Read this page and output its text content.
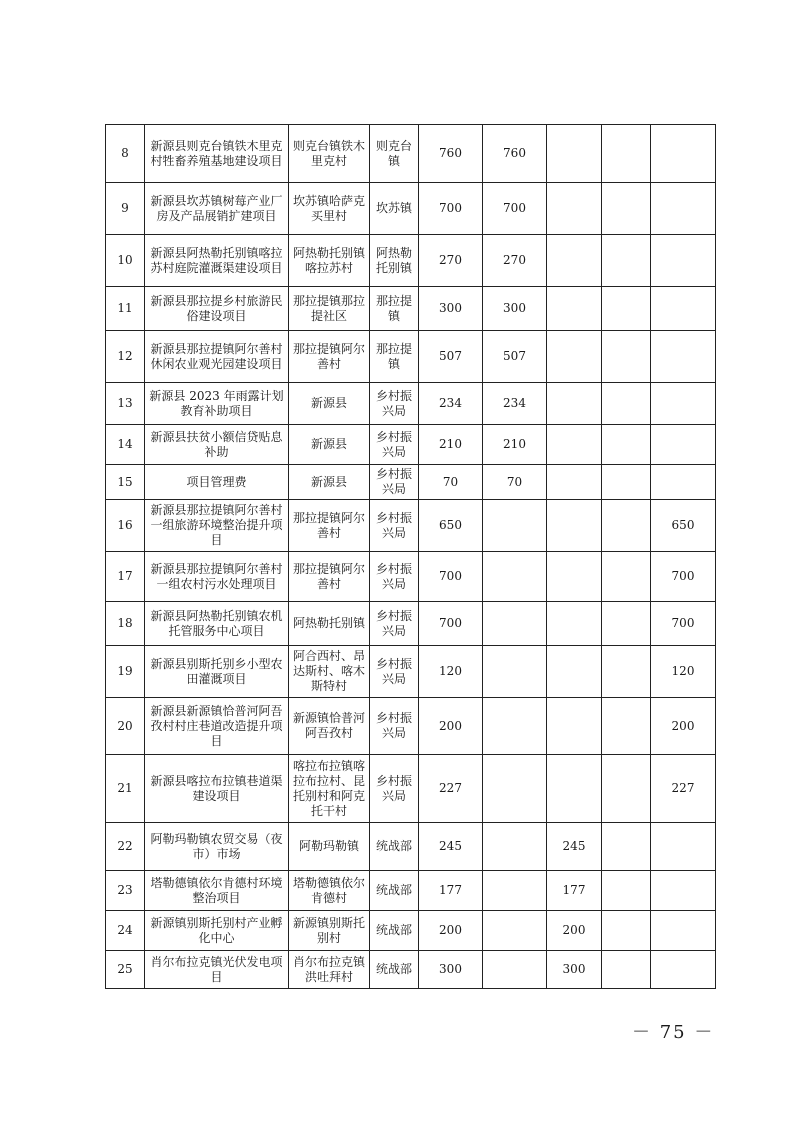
8	新源县则克台镇铁木里克村牲畜养殖基地建设项目	则克台镇铁木里克村	则克台镇	760	760			
9	新源县坎苏镇树莓产业厂房及产品展销扩建项目	坎苏镇哈萨克买里村	坎苏镇	700	700			
10	新源县阿热勒托别镇喀拉苏村庭院灌溉渠建设项目	阿热勒托别镇喀拉苏村	阿热勒托别镇	270	270			
11	新源县那拉提乡村旅游民俗建设项目	那拉提镇那拉提社区	那拉提镇	300	300			
12	新源县那拉提镇阿尔善村休闲农业观光园建设项目	那拉提镇阿尔善村	那拉提镇	507	507			
13	新源县 2023 年雨露计划教育补助项目	新源县	乡村振兴局	234	234			
14	新源县扶贫小额信贷贴息补助	新源县	乡村振兴局	210	210			
15	项目管理费	新源县	乡村振兴局	70	70			
16	新源县那拉提镇阿尔善村一组旅游环境整治提升项目	那拉提镇阿尔善村	乡村振兴局	650				650
17	新源县那拉提镇阿尔善村一组农村污水处理项目	那拉提镇阿尔善村	乡村振兴局	700				700
18	新源县阿热勒托别镇农机托管服务中心项目	阿热勒托别镇	乡村振兴局	700				700
19	新源县别斯托别乡小型农田灌溉项目	阿合西村、昂达斯村、喀木斯特村	乡村振兴局	120				120
20	新源县新源镇恰普河阿吾孜村村庄巷道改造提升项目	新源镇恰普河阿吾孜村	乡村振兴局	200				200
21	新源县喀拉布拉镇巷道渠建设项目	喀拉布拉镇喀拉布拉村、昆托别村和阿克托干村	乡村振兴局	227				227
22	阿勒玛勒镇农贸交易（夜市）市场	阿勒玛勒镇	统战部	245		245		
23	塔勒德镇依尔肯德村环境整治项目	塔勒德镇依尔肯德村	统战部	177		177		
24	新源镇别斯托别村产业孵化中心	新源镇别斯托别村	统战部	200		200		
25	肖尔布拉克镇光伏发电项目	肖尔布拉克镇洪吐拜村	统战部	300		300		
－ 75 －
